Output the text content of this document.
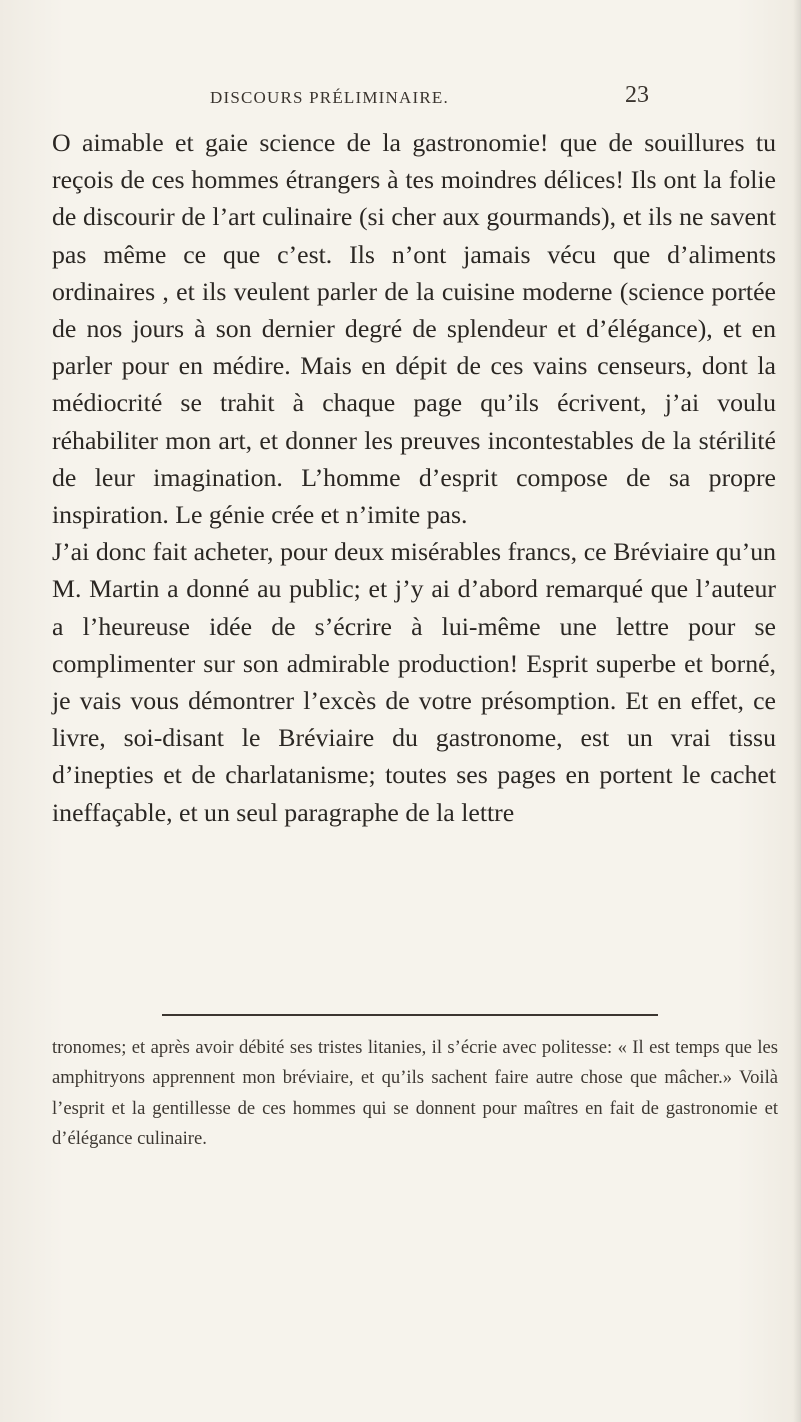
DISCOURS PRÉLIMINAIRE.	23

O aimable et gaie science de la gastronomie! que de souillures tu reçois de ces hommes étrangers à tes moindres délices! Ils ont la folie de discourir de l’art culinaire (si cher aux gourmands), et ils ne savent pas même ce que c’est. Ils n’ont jamais vécu que d’aliments ordinaires , et ils veulent parler de la cuisine moderne (science portée de nos jours à son dernier degré de splendeur et d’élégance), et en parler pour en médire. Mais en dépit de ces vains censeurs, dont la médiocrité se trahit à chaque page qu’ils écrivent, j’ai voulu réhabiliter mon art, et donner les preuves incontestables de la stérilité de leur imagination. L’homme d’esprit compose de sa propre inspiration. Le génie crée et n’imite pas.

J’ai donc fait acheter, pour deux misérables francs, ce Bréviaire qu’un M. Martin a donné au public; et j’y ai d’abord remarqué que l’auteur a l’heureuse idée de s’écrire à lui-même une lettre pour se complimenter sur son admirable production! Esprit superbe et borné, je vais vous démontrer l’excès de votre présomption. Et en effet, ce livre, soi-disant le Bréviaire du gastronome, est un vrai tissu d’inepties et de charlatanisme; toutes ses pages en portent le cachet ineffaçable, et un seul paragraphe de la lettre

tronomes; et après avoir débité ses tristes litanies, il s’écrie avec politesse: « Il est temps que les amphitryons apprennent mon bréviaire, et qu’ils sachent faire autre chose que mâcher.» Voilà l’esprit et la gentillesse de ces hommes qui se donnent pour maîtres en fait de gastronomie et d’élégance culinaire.
